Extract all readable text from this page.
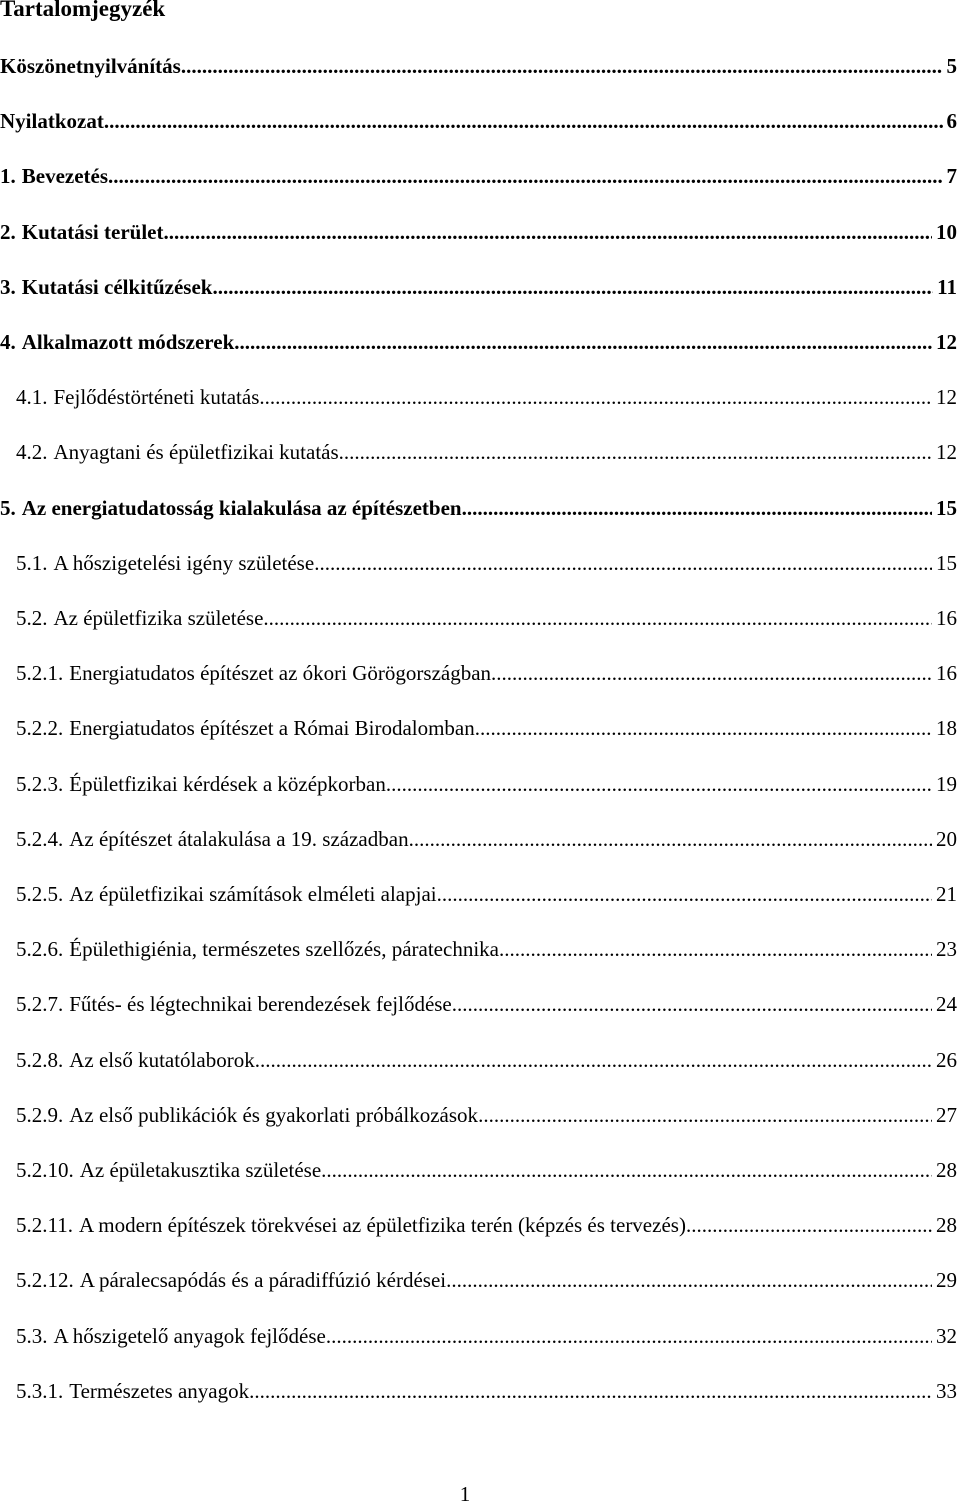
Tartalomjegyzék
Köszönetnyilvánítás .....	5
Nyilatkozat .....	6
1. Bevezetés .....	7
2. Kutatási terület .....	10
3. Kutatási célkitűzések .....	11
4. Alkalmazott módszerek .....	12
4.1. Fejlődéstörténeti kutatás .....	12
4.2. Anyagtani és épületfizikai kutatás .....	12
5. Az energiatudatosság kialakulása az építészetben .....	15
5.1. A hőszigetelési igény születése .....	15
5.2. Az épületfizika születése .....	16
5.2.1. Energiatudatos építészet az ókori Görögországban .....	16
5.2.2. Energiatudatos építészet a Római Birodalomban .....	18
5.2.3. Épületfizikai kérdések a középkorban .....	19
5.2.4. Az építészet átalakulása a 19. században .....	20
5.2.5. Az épületfizikai számítások elméleti alapjai .....	21
5.2.6. Épülethigiénia, természetes szellőzés, páratechnika .....	23
5.2.7. Fűtés- és légtechnikai berendezések fejlődése .....	24
5.2.8. Az első kutatólaborok .....	26
5.2.9. Az első publikációk és gyakorlati próbálkozások .....	27
5.2.10. Az épületakusztika születése .....	28
5.2.11. A modern építészek törekvései az épületfizika terén (képzés és tervezés) .....	28
5.2.12. A páralecsapódás és a páradiffúzió kérdései .....	29
5.3. A hőszigetelő anyagok fejlődése .....	32
5.3.1. Természetes anyagok .....	33
1
